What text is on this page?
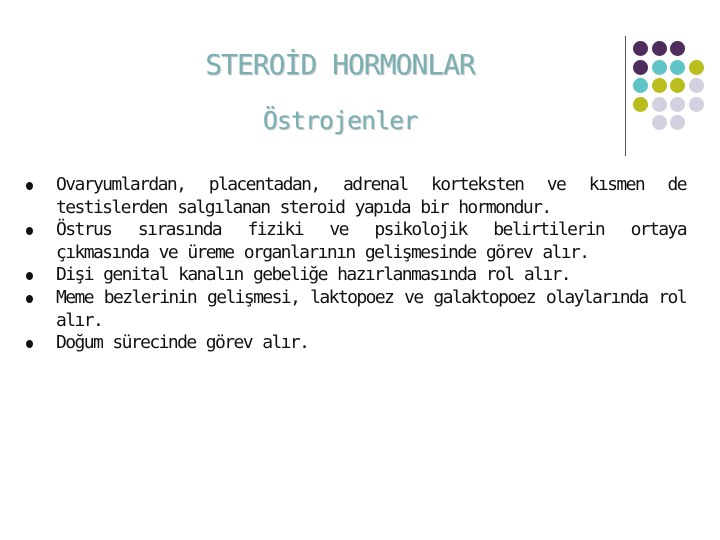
STEROİD HORMONLAR
Östrojenler
Ovaryumlardan, placentadan, adrenal korteksten ve kısmen de testislerden salgılanan steroid yapıda bir hormondur.
Östrus sırasında fiziki ve psikolojik belirtilerin ortaya çıkmasında ve üreme organlarının gelişmesinde görev alır.
Dişi genital kanalın gebeliğe hazırlanmasında rol alır.
Meme bezlerinin gelişmesi, laktopoez ve galaktopoez olaylarında rol alır.
Doğum sürecinde görev alır.
